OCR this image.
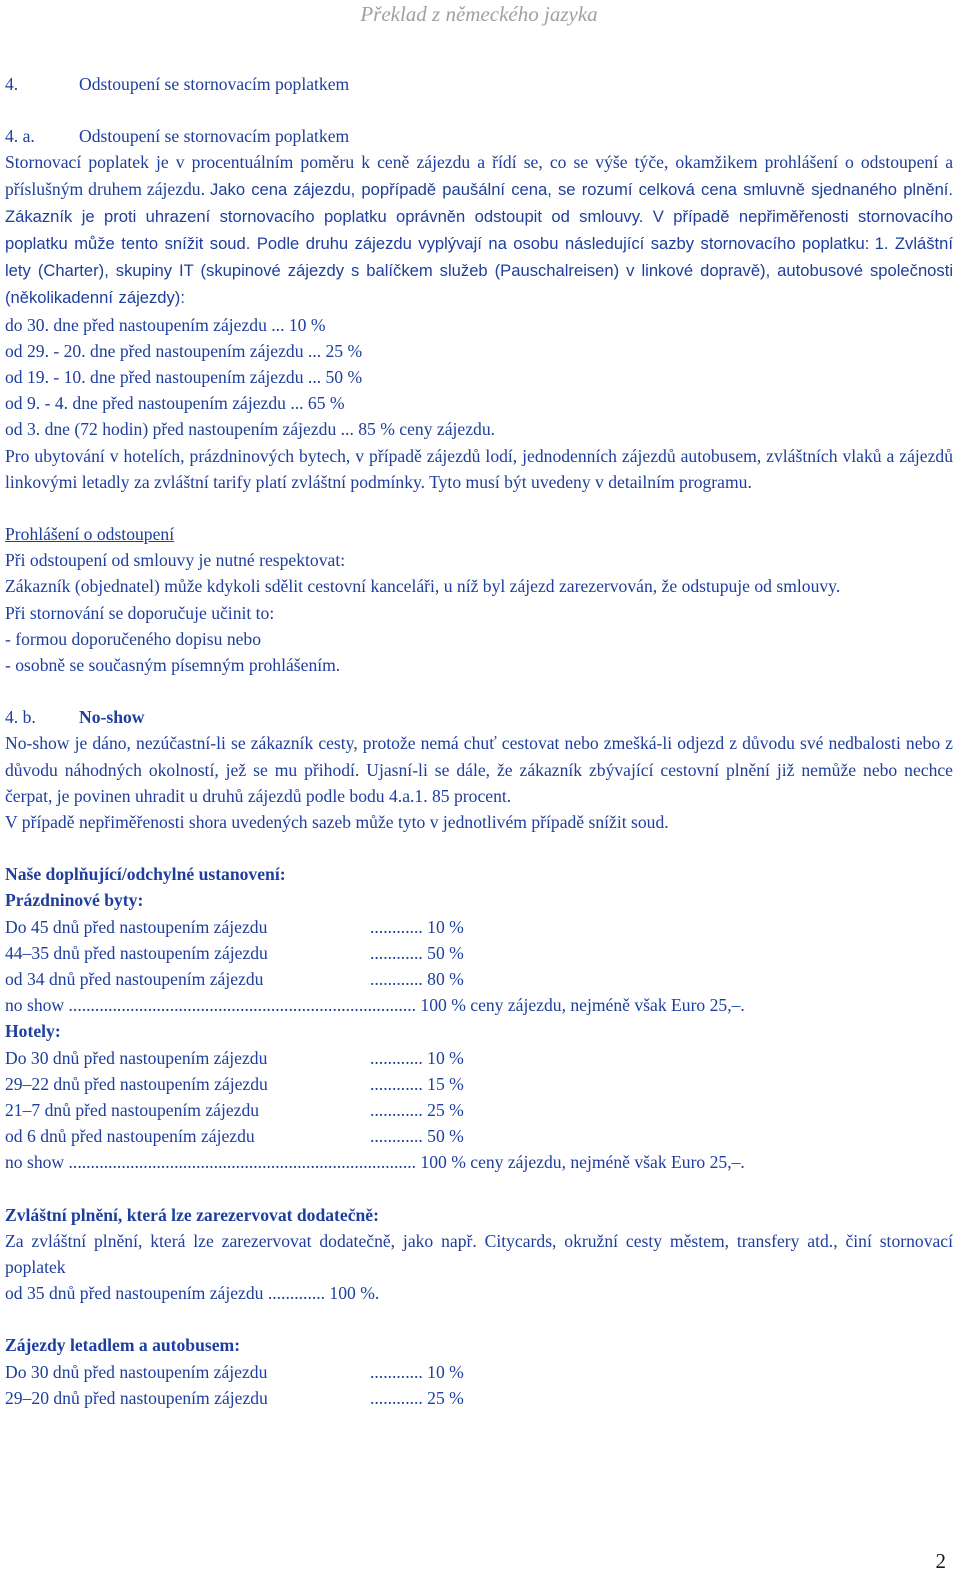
Překlad z německého jazyka
4.	Odstoupení se stornovacím poplatkem
4. a.	Odstoupení se stornovacím poplatkem
Stornovací poplatek je v procentuálním poměru k ceně zájezdu a řídí se, co se výše týče, okamžikem prohlášení o odstoupení a příslušným druhem zájezdu. Jako cena zájezdu, popřípadě paušální cena, se rozumí celková cena smluvně sjednaného plnění. Zákazník je proti uhrazení stornovacího poplatku oprávněn odstoupit od smlouvy. V případě nepřiměřenosti stornovacího poplatku může tento snížit soud. Podle druhu zájezdu vyplývají na osobu následující sazby stornovacího poplatku: 1. Zvláštní lety (Charter), skupiny IT (skupinové zájezdy s balíčkem služeb (Pauschalreisen) v linkové dopravě), autobusové společnosti (několikadenní zájezdy):
do 30. dne před nastoupením zájezdu ... 10 %
od 29. - 20. dne před nastoupením zájezdu ... 25 %
od 19. - 10. dne před nastoupením zájezdu ... 50 %
od 9. - 4. dne před nastoupením zájezdu ... 65 %
od 3. dne (72 hodin) před nastoupením zájezdu ... 85 % ceny zájezdu.
Pro ubytování v hotelích, prázdninových bytech, v případě zájezdů lodí, jednodenních zájezdů autobusem, zvláštních vlaků a zájezdů linkovými letadly za zvláštní tarify platí zvláštní podmínky. Tyto musí být uvedeny v detailním programu.
Prohlášení o odstoupení
Při odstoupení od smlouvy je nutné respektovat:
Zákazník (objednatel) může kdykoli sdělit cestovní kanceláři, u níž byl zájezd zarezervován, že odstupuje od smlouvy.
Při stornování se doporučuje učinit to:
- formou doporučeného dopisu nebo
- osobně se současným písemným prohlášením.
4. b. No-show
No-show je dáno, nezúčastní-li se zákazník cesty, protože nemá chuť cestovat nebo zmešká-li odjezd z důvodu své nedbalosti nebo z důvodu náhodných okolností, jež se mu přihodí. Ujasní-li se dále, že zákazník zbývající cestovní plnění již nemůže nebo nechce čerpat, je povinen uhradit u druhů zájezdů podle bodu 4.a.1. 85 procent.
V případě nepřiměřenosti shora uvedených sazeb může tyto v jednotlivém případě snížit soud.
Naše doplňující/odchylné ustanovení:
Prázdninové byty:
Do 45 dnů před nastoupením zájezdu	............ 10 %
44–35 dnů před nastoupením zájezdu	............ 50 %
od 34 dnů před nastoupením zájezdu	............ 80 %
no show ............................................................................... 100 % ceny zájezdu, nejméně však Euro 25,–.
Hotely:
Do 30 dnů před nastoupením zájezdu	............ 10 %
29–22 dnů před nastoupením zájezdu	............ 15 %
21–7 dnů před nastoupením zájezdu	............ 25 %
od 6 dnů před nastoupením zájezdu	............ 50 %
no show ............................................................................... 100 % ceny zájezdu, nejméně však Euro 25,–.
Zvláštní plnění, která lze zarezervovat dodatečně:
Za zvláštní plnění, která lze zarezervovat dodatečně, jako např. Citycards, okružní cesty městem, transfery atd., činí stornovací poplatek
od 35 dnů před nastoupením zájezdu ............. 100 %.
Zájezdy letadlem a autobusem:
Do 30 dnů před nastoupením zájezdu	............ 10 %
29–20 dnů před nastoupením zájezdu	............ 25 %
2
